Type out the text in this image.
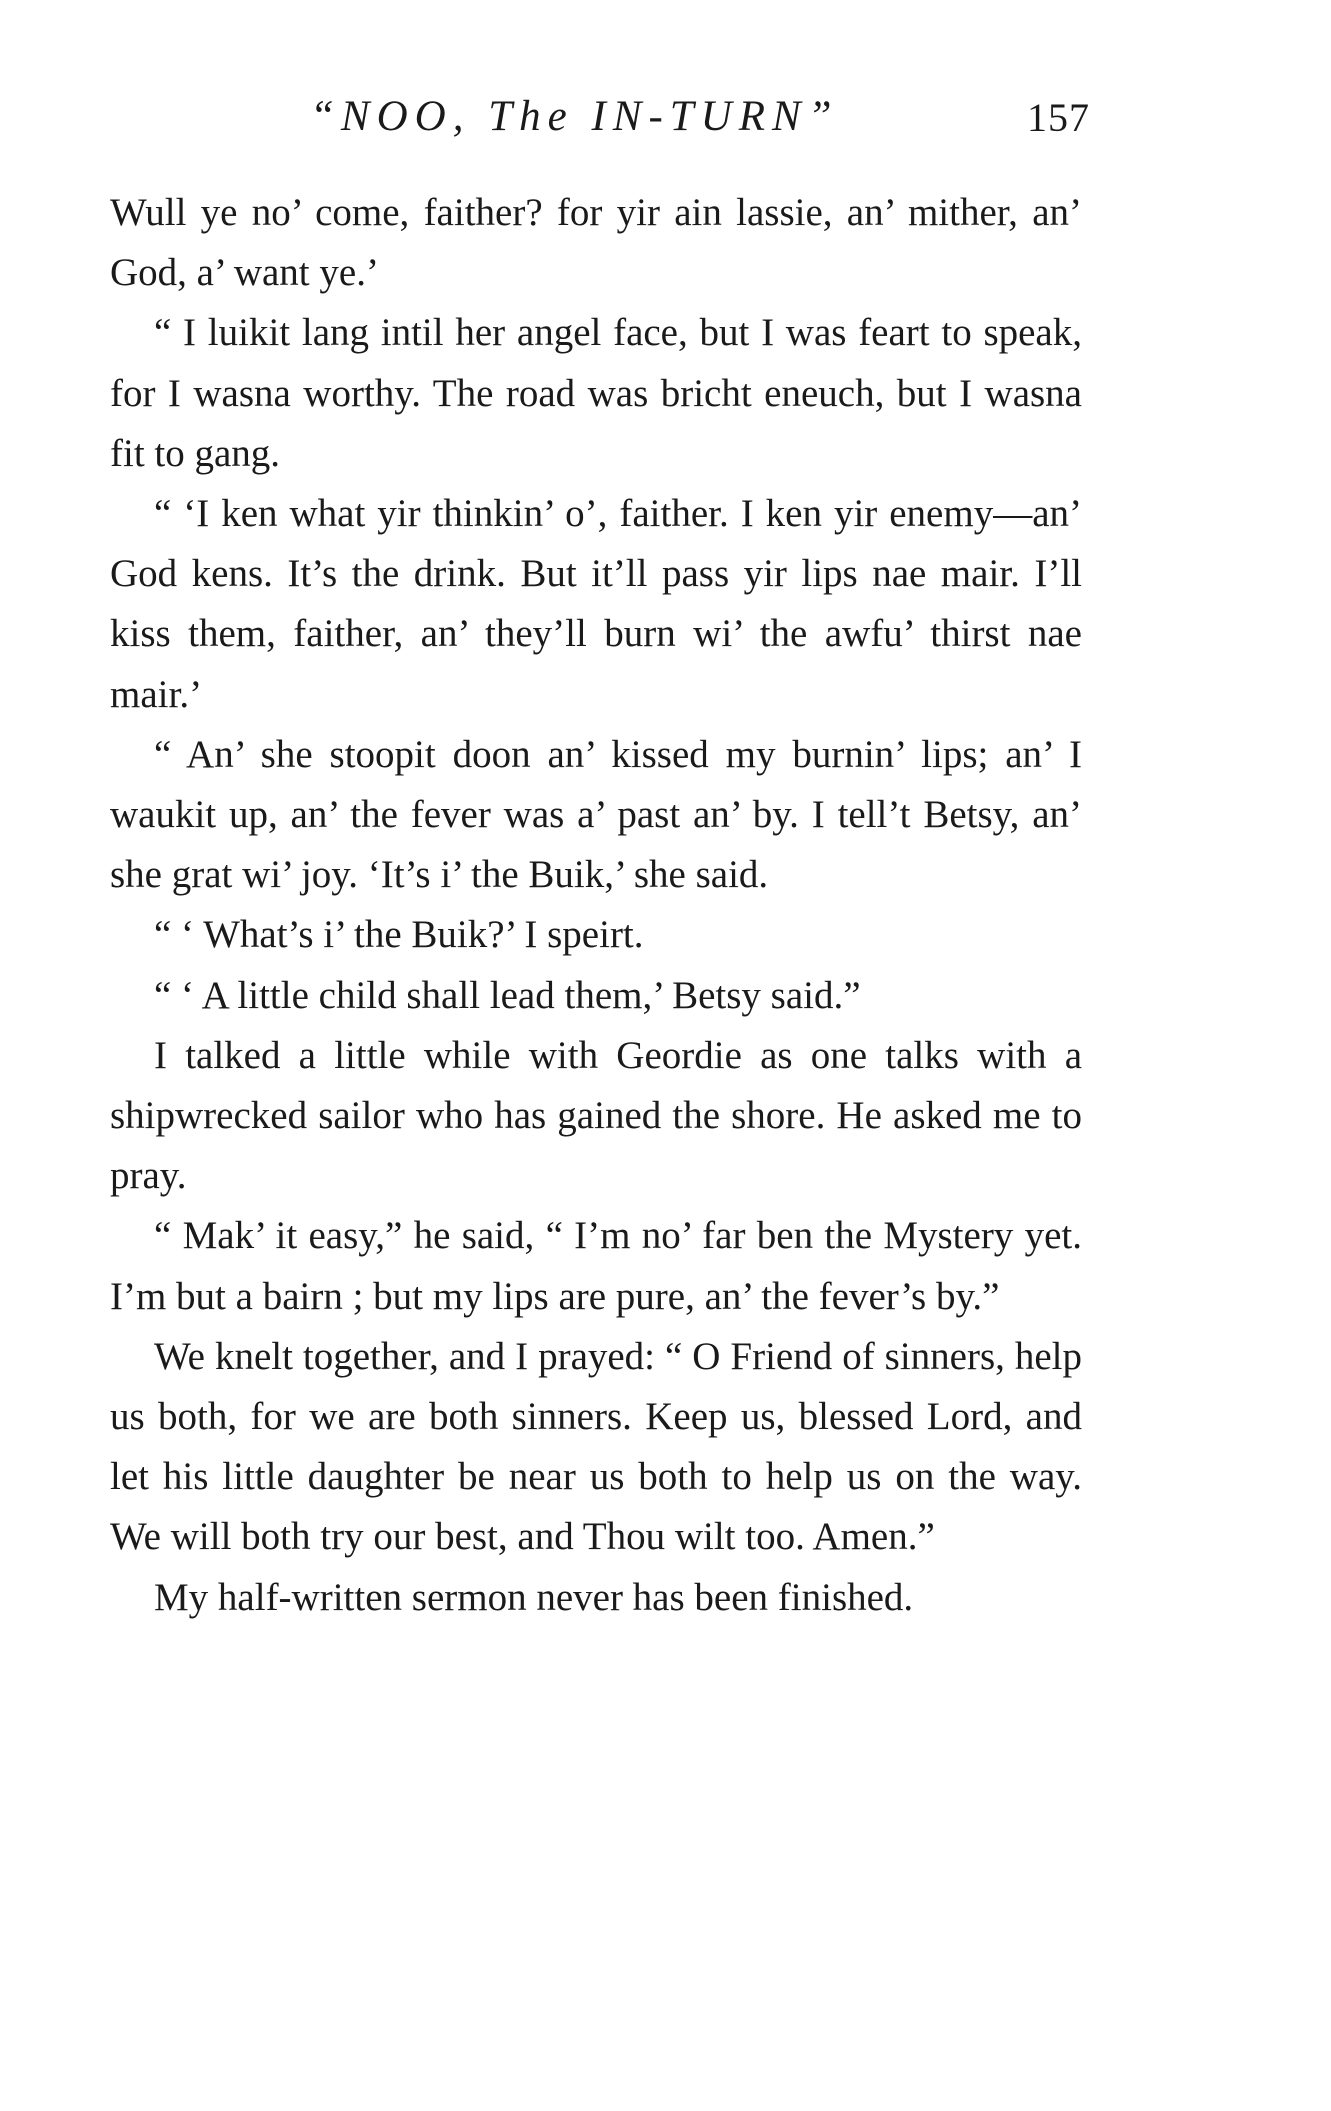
“NOO, The IN-TURN”	157

Wull ye no’ come, faither? for yir ain lassie, an’ mither, an’ God, a’ want ye.’

“ I luikit lang intil her angel face, but I was feart to speak, for I wasna worthy. The road was bricht eneuch, but I wasna fit to gang.

“ ‘I ken what yir thinkin’ o’, faither. I ken yir enemy—an’ God kens. It’s the drink. But it’ll pass yir lips nae mair. I’ll kiss them, faither, an’ they’ll burn wi’ the awfu’ thirst nae mair.’

“ An’ she stoopit doon an’ kissed my burnin’ lips; an’ I waukit up, an’ the fever was a’ past an’ by. I tell’t Betsy, an’ she grat wi’ joy. ‘It’s i’ the Buik,’ she said.

“ ‘ What’s i’ the Buik?’ I speirt.

“ ‘ A little child shall lead them,’ Betsy said.”

I talked a little while with Geordie as one talks with a shipwrecked sailor who has gained the shore. He asked me to pray.

“ Mak’ it easy,” he said, “ I’m no’ far ben the Mystery yet. I’m but a bairn ; but my lips are pure, an’ the fever’s by.”

We knelt together, and I prayed: “ O Friend of sinners, help us both, for we are both sinners. Keep us, blessed Lord, and let his little daughter be near us both to help us on the way. We will both try our best, and Thou wilt too. Amen.”

My half-written sermon never has been finished.
